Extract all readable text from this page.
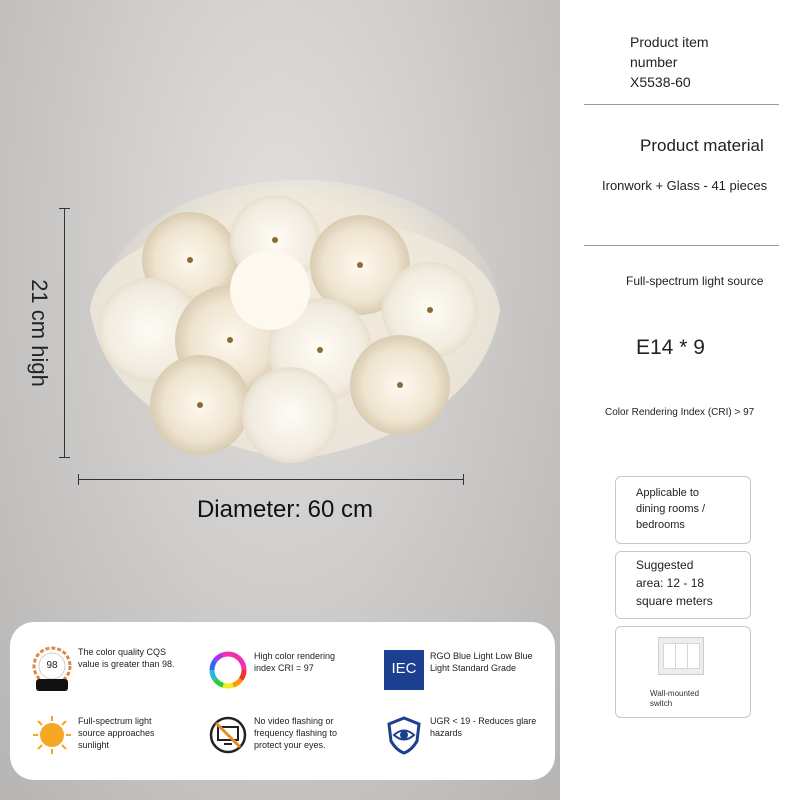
21 cm high
Diameter: 60 cm
98
The color quality CQS value is greater than 98.
High color rendering index CRI = 97	IEC
RGO Blue Light Low Blue Light Standard Grade
Full-spectrum light source approaches sunlight
No video flashing or frequency flashing to protect your eyes.
UGR < 19 - Reduces glare hazards
Product item
number
X5538-60
Product material
Ironwork + Glass - 41 pieces
Full-spectrum light source
E14 * 9
Color Rendering Index (CRI) > 97
Applicable to
dining rooms /
bedrooms
Suggested
area: 12 - 18
square meters
Wall-mounted
switch
